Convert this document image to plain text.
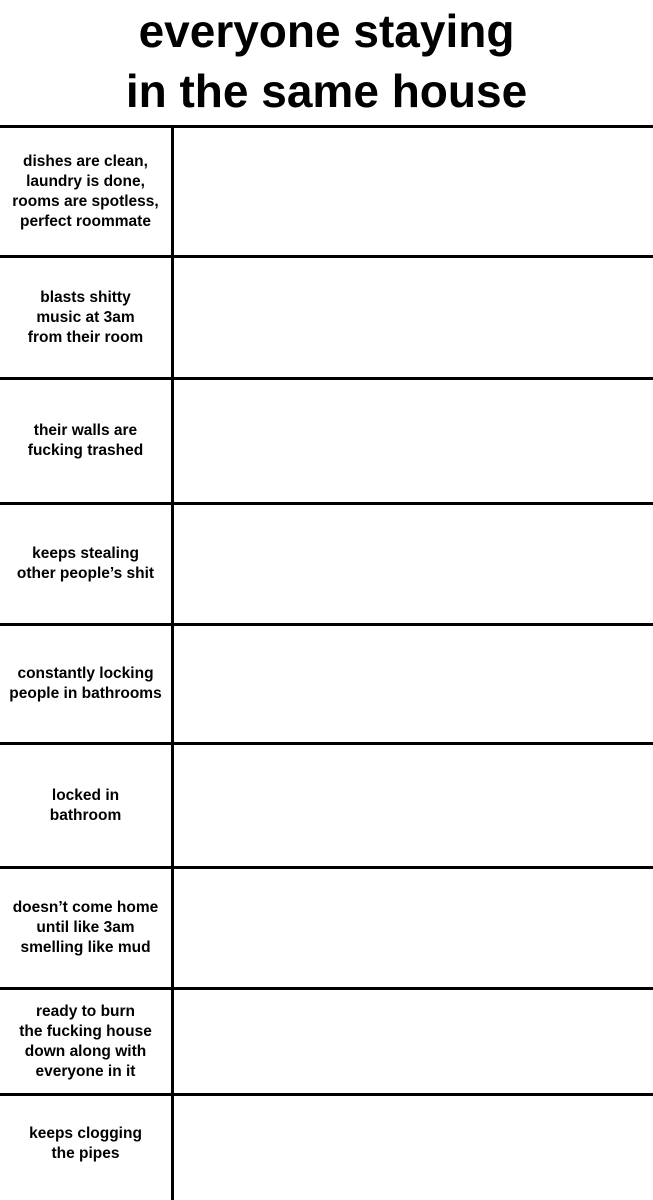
everyone staying
in the same house
dishes are clean,
laundry is done,
rooms are spotless,
perfect roommate
blasts shitty
music at 3am
from their room
their walls are
fucking trashed
keeps stealing
other people’s shit
constantly locking
people in bathrooms
locked in
bathroom
doesn’t come home
until like 3am
smelling like mud
ready to burn
the fucking house
down along with
everyone in it
keeps clogging
the pipes
